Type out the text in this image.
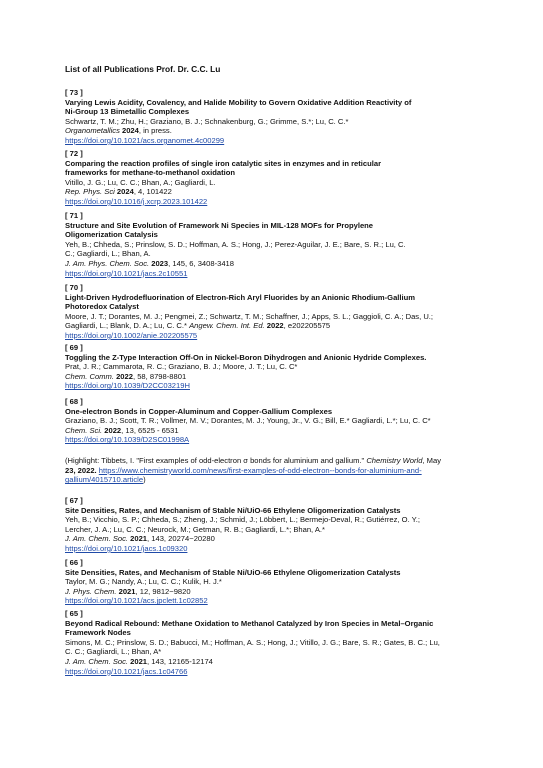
List of all Publications Prof. Dr. C.C. Lu
[ 73 ]
Varying Lewis Acidity, Covalency, and Halide Mobility to Govern Oxidative Addition Reactivity of
Ni-Group 13 Bimetallic Complexes
Schwartz, T. M.; Zhu, H.; Graziano, B. J.; Schnakenburg, G.; Grimme, S.*; Lu, C. C.*
Organometallics 2024, in press.
https://doi.org/10.1021/acs.organomet.4c00299
[ 72 ]
Comparing the reaction profiles of single iron catalytic sites in enzymes and in reticular
frameworks for methane-to-methanol oxidation
Vitillo, J. G.; Lu, C. C.; Bhan, A.; Gagliardi, L.
Rep. Phys. Sci 2024, 4, 101422
https://doi.org/10.1016/j.xcrp.2023.101422
[ 71 ]
Structure and Site Evolution of Framework Ni Species in MIL-128 MOFs for Propylene
Oligomerization Catalysis
Yeh, B.; Chheda, S.; Prinslow, S. D.; Hoffman, A. S.; Hong, J.; Perez-Aguilar, J. E.; Bare, S. R.; Lu, C.
C.; Gagliardi, L.; Bhan, A.
J. Am. Phys. Chem. Soc. 2023, 145, 6, 3408-3418
https://doi.org/10.1021/jacs.2c10551
[ 70 ]
Light-Driven Hydrodefluorination of Electron-Rich Aryl Fluorides by an Anionic Rhodium-Gallium
Photoredox Catalyst
Moore, J. T.; Dorantes, M. J.; Pengmei, Z.; Schwartz, T. M.; Schaffner, J.; Apps, S. L.; Gaggioli, C. A.; Das, U.;
Gagliardi, L.; Blank, D. A.; Lu, C. C.* Angew. Chem. Int. Ed. 2022, e202205575
https://doi.org/10.1002/anie.202205575
[ 69 ]
Toggling the Z-Type Interaction Off-On in Nickel-Boron Dihydrogen and Anionic Hydride Complexes.
Prat, J. R.; Cammarota, R. C.; Graziano, B. J.; Moore, J. T.; Lu, C. C*
Chem. Comm. 2022, 58, 8798-8801
https://doi.org/10.1039/D2CC03219H
[ 68 ]
One-electron Bonds in Copper-Aluminum and Copper-Gallium Complexes
Graziano, B. J.; Scott, T. R.; Vollmer, M. V.; Dorantes, M. J.; Young, Jr., V. G.; Bill, E.* Gagliardi, L.*; Lu, C. C*
Chem. Sci. 2022, 13, 6525 - 6531
https://doi.org/10.1039/D2SC01998A
[ 67 ]
Site Densities, Rates, and Mechanism of Stable Ni/UiO-66 Ethylene Oligomerization Catalysts
Yeh, B.; Vicchio, S. P.; Chheda, S.; Zheng, J.; Schmid, J.; Löbbert, L.; Bermejo-Deval, R.; Gutiérrez, O. Y.;
Lercher, J. A.; Lu, C. C.; Neurock, M.; Getman, R. B.; Gagliardi, L.*; Bhan, A.*
J. Am. Chem. Soc. 2021, 143, 20274−20280
https://doi.org/10.1021/jacs.1c09320
[ 66 ]
Site Densities, Rates, and Mechanism of Stable Ni/UiO-66 Ethylene Oligomerization Catalysts
Taylor, M. G.; Nandy, A.; Lu, C. C.; Kulik, H. J.*
J. Phys. Chem. 2021, 12, 9812−9820
https://doi.org/10.1021/acs.jpclett.1c02852
[ 65 ]
Beyond Radical Rebound: Methane Oxidation to Methanol Catalyzed by Iron Species in Metal–Organic
Framework Nodes
Simons, M. C.; Prinslow, S. D.; Babucci, M.; Hoffman, A. S.; Hong, J.; Vitillo, J. G.; Bare, S. R.; Gates, B. C.; Lu,
C. C.; Gagliardi, L.; Bhan, A*
J. Am. Chem. Soc. 2021, 143, 12165-12174
https://doi.org/10.1021/jacs.1c04766
(Highlight: Tibbets, I. "First examples of odd-electron σ bonds for aluminium and gallium." Chemistry World, May
23, 2022. https://www.chemistryworld.com/news/first-examples-of-odd-electron--bonds-for-aluminium-and-
gallium/4015710.article)
